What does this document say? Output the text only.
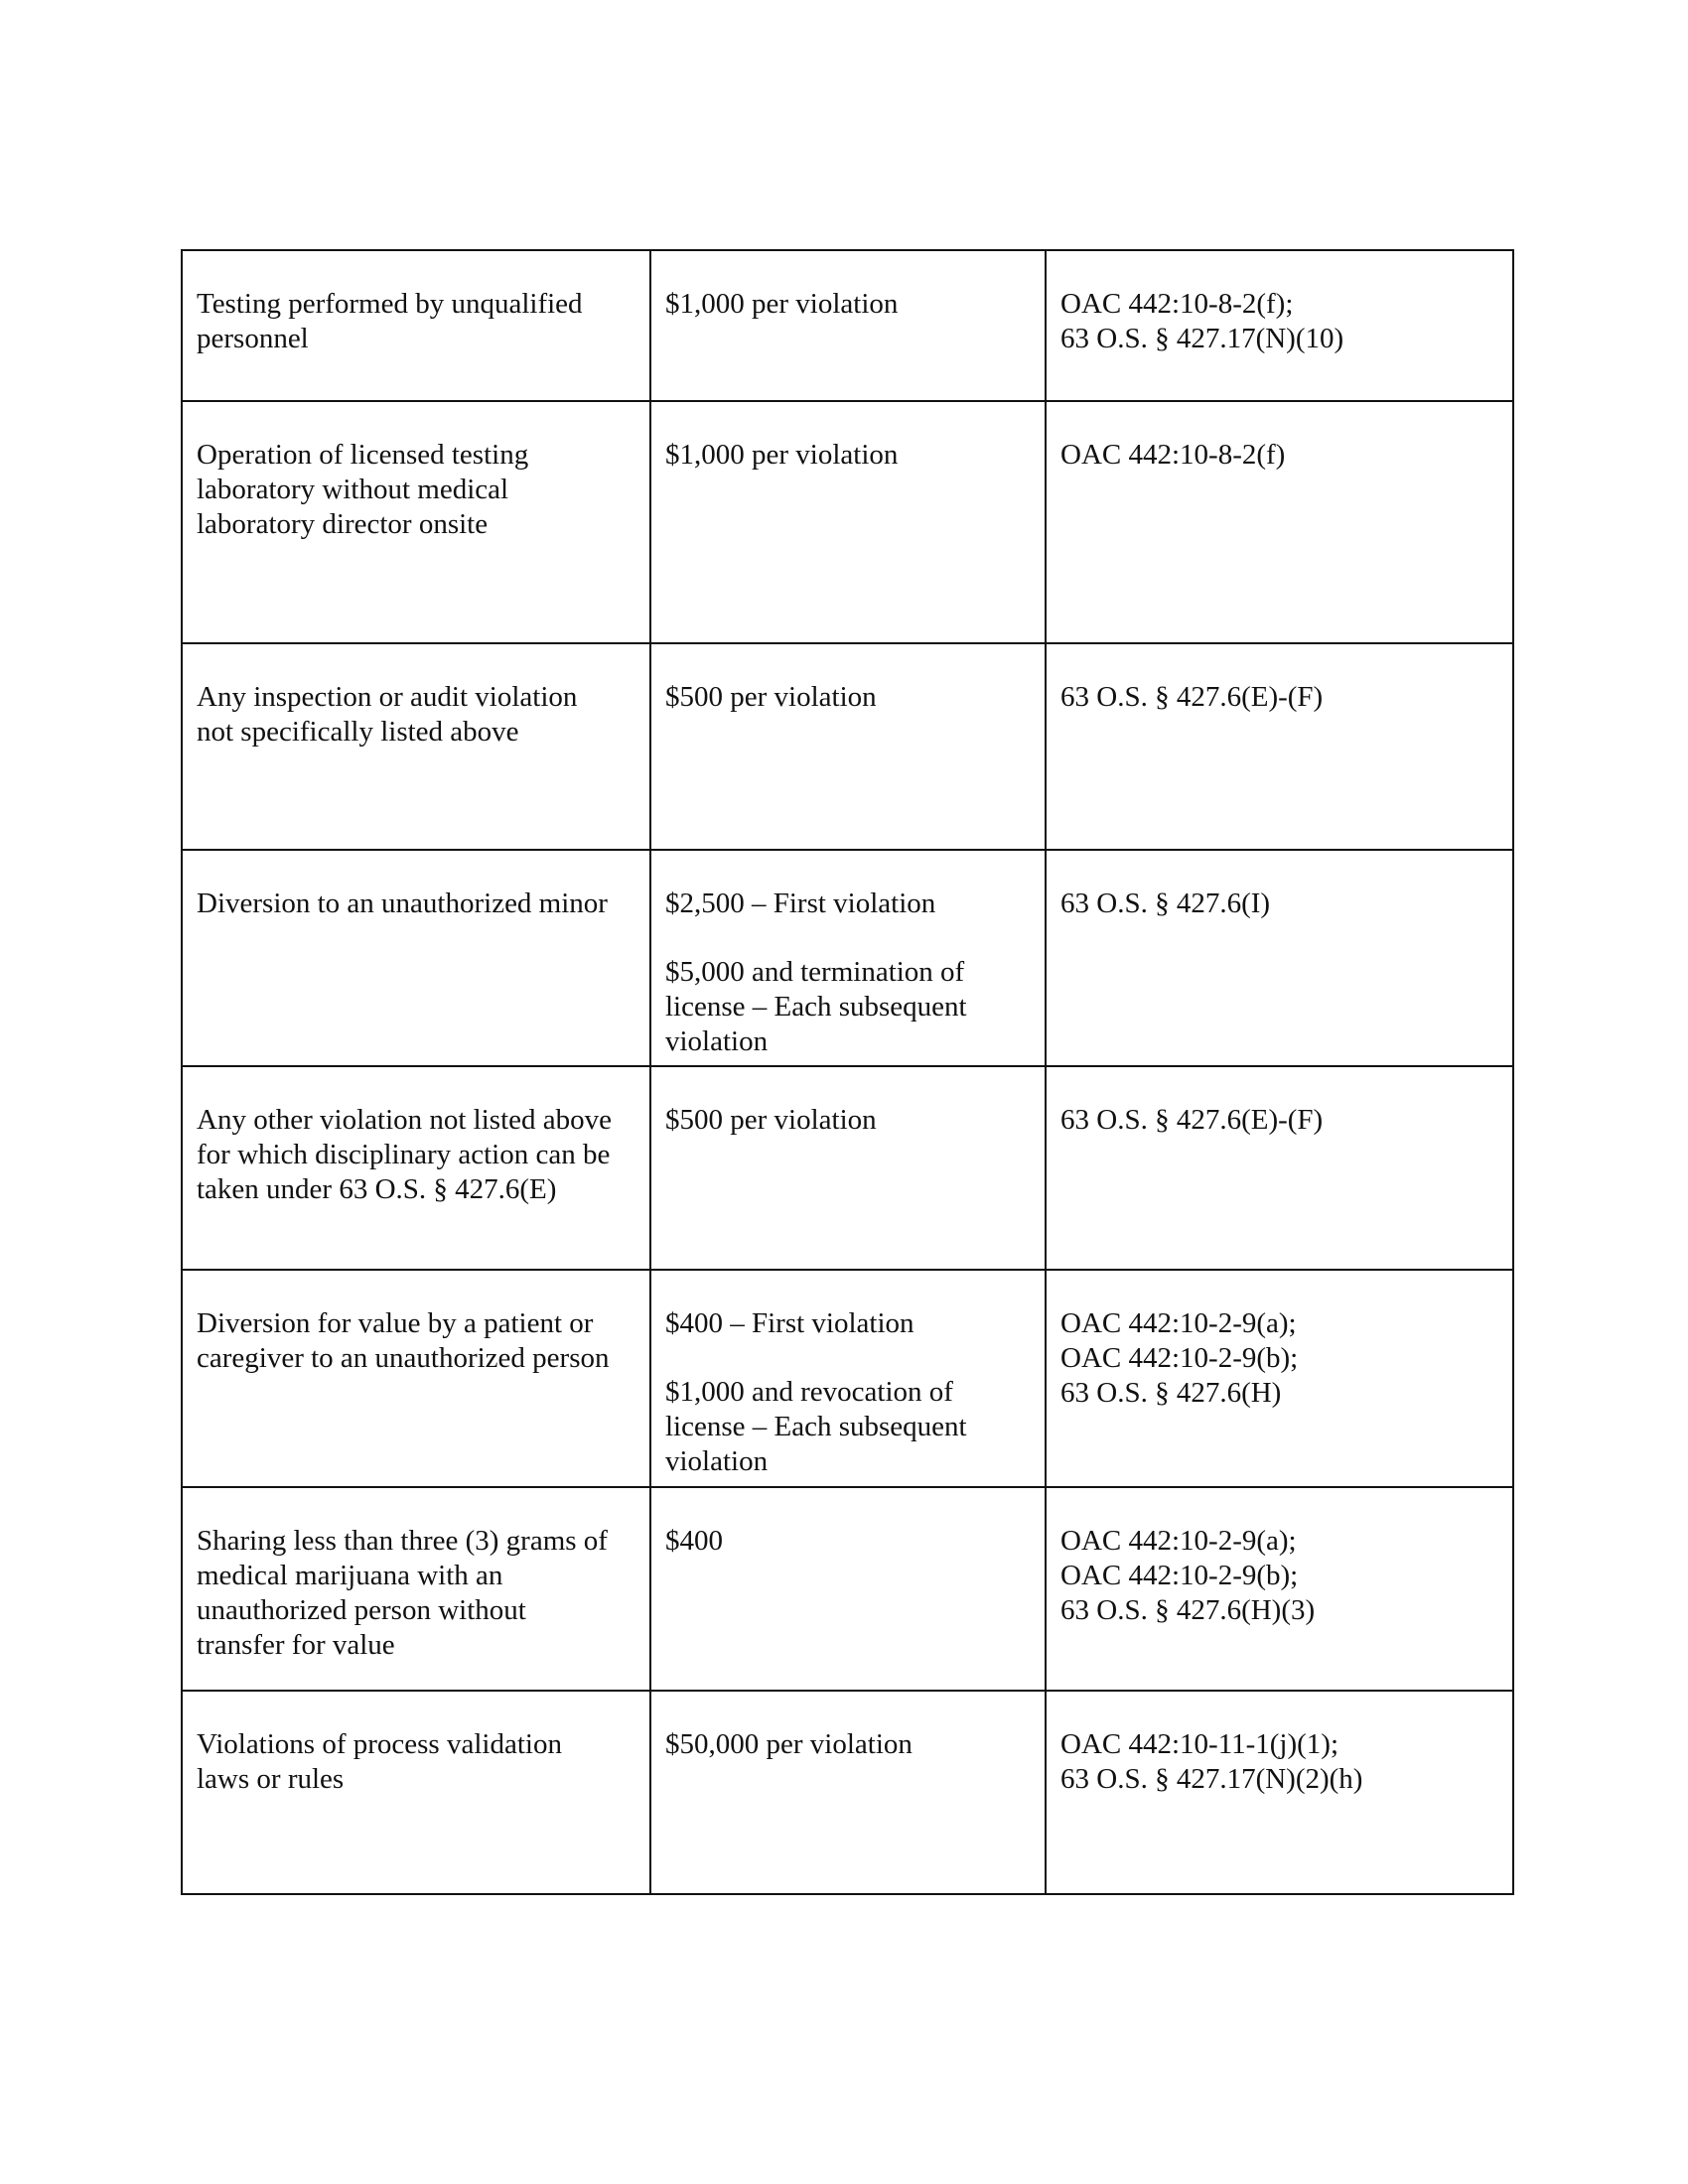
Testing performed by unqualified
personnel	$1,000 per violation	OAC 442:10-8-2(f);
63 O.S. § 427.17(N)(10)

Operation of licensed testing
laboratory without medical
laboratory director onsite	$1,000 per violation	OAC 442:10-8-2(f)

Any inspection or audit violation
not specifically listed above	$500 per violation	63 O.S. § 427.6(E)-(F)

Diversion to an unauthorized minor	$2,500 – First violation
$5,000 and termination of
license – Each subsequent
violation	63 O.S. § 427.6(I)

Any other violation not listed above
for which disciplinary action can be
taken under 63 O.S. § 427.6(E)	$500 per violation	63 O.S. § 427.6(E)-(F)

Diversion for value by a patient or
caregiver to an unauthorized person	$400 – First violation
$1,000 and revocation of
license – Each subsequent
violation	OAC 442:10-2-9(a);
OAC 442:10-2-9(b);
63 O.S. § 427.6(H)

Sharing less than three (3) grams of
medical marijuana with an
unauthorized person without
transfer for value	$400	OAC 442:10-2-9(a);
OAC 442:10-2-9(b);
63 O.S. § 427.6(H)(3)

Violations of process validation
laws or rules	$50,000 per violation	OAC 442:10-11-1(j)(1);
63 O.S. § 427.17(N)(2)(h)
